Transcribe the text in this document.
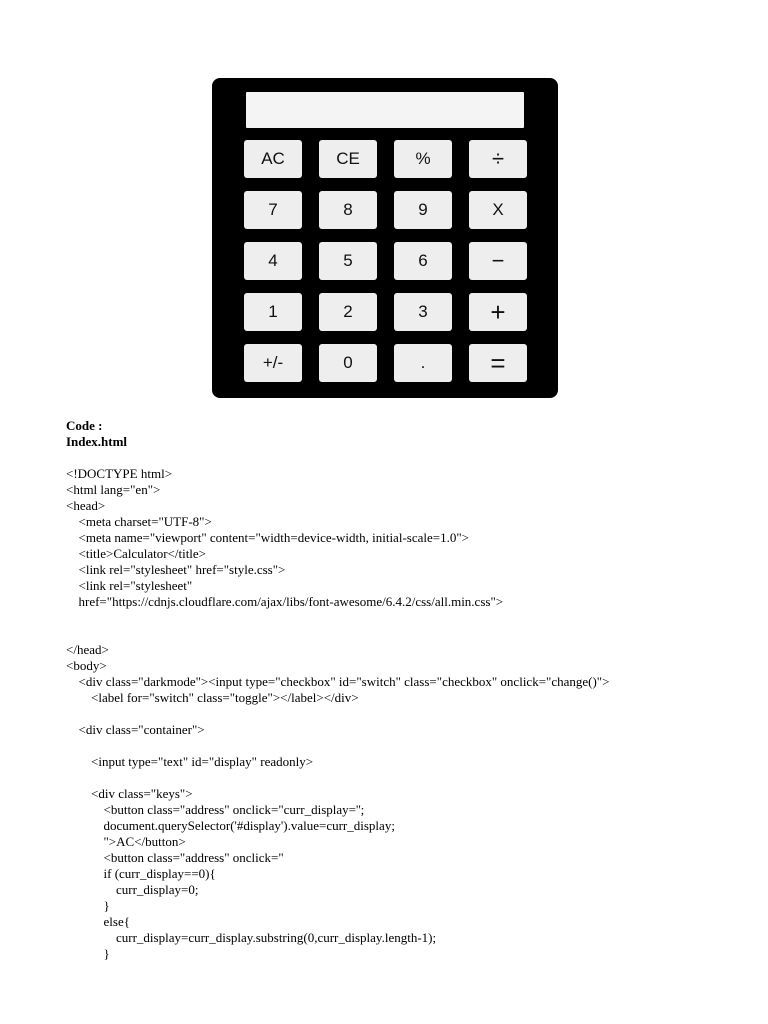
AC	CE	%	÷
7	8	9	X
4	5	6	−
1	2	3	+
+/-	0	.	=
Code :
Index.html
<!DOCTYPE html>
<html lang="en">
<head>
<meta charset="UTF-8">
<meta name="viewport" content="width=device-width, initial-scale=1.0">
<title>Calculator</title>
<link rel="stylesheet" href="style.css">
<link rel="stylesheet"
href="https://cdnjs.cloudflare.com/ajax/libs/font-awesome/6.4.2/css/all.min.css">
</head>
<body>
<div class="darkmode"><input type="checkbox" id="switch" class="checkbox" onclick="change()">
<label for="switch" class="toggle"></label></div>
<div class="container">
<input type="text" id="display" readonly>
<div class="keys">
<button class="address" onclick="curr_display='';
document.querySelector('#display').value=curr_display;
">AC</button>
<button class="address" onclick="
if (curr_display==0){
curr_display=0;
}
else{
curr_display=curr_display.substring(0,curr_display.length-1);
}
